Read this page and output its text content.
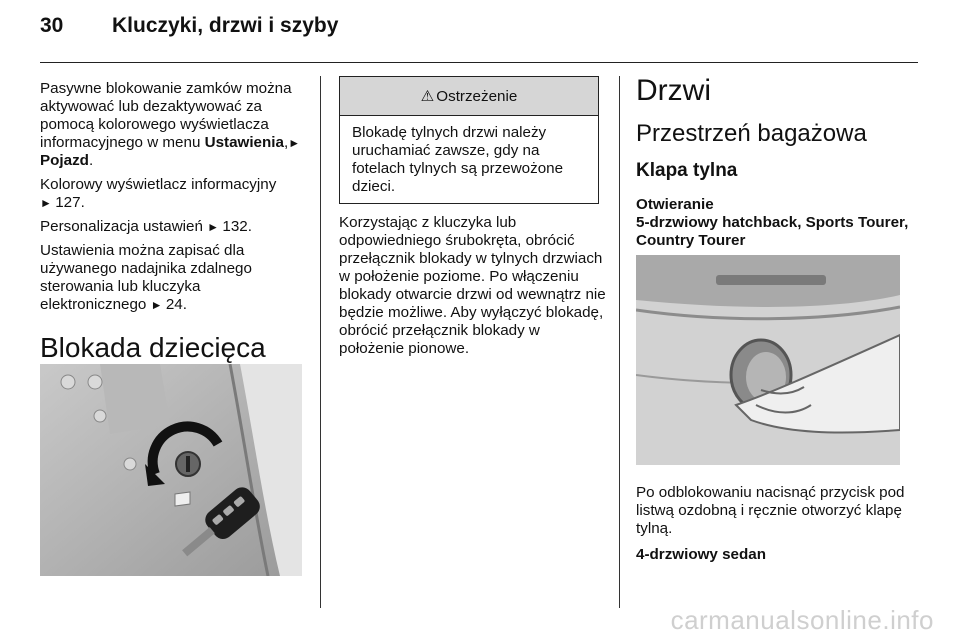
30	Kluczyki, drzwi i szyby

Pasywne blokowanie zamków można aktywować lub dezaktywować za pomocą kolorowego wyświetlacza informacyjnego w menu Ustawienia,►Pojazd.

Kolorowy wyświetlacz informacyjny
► 127.

Personalizacja ustawień ► 132.

Ustawienia można zapisać dla używanego nadajnika zdalnego sterowania lub kluczyka elektronicznego ► 24.

Blokada dziecięca
⚠ Ostrzeżenie
Blokadę tylnych drzwi należy uruchamiać zawsze, gdy na fotelach tylnych są przewożone dzieci.

Korzystając z kluczyka lub odpowiedniego śrubokręta, obrócić przełącznik blokady w tylnych drzwiach w położenie poziome. Po włączeniu blokady otwarcie drzwi od wewnątrz nie będzie możliwe. Aby wyłączyć blokadę, obrócić przełącznik blokady w położenie pionowe.

Drzwi
Przestrzeń bagażowa
Klapa tylna
Otwieranie
5-drzwiowy hatchback, Sports Tourer, Country Tourer

Po odblokowaniu nacisnąć przycisk pod listwą ozdobną i ręcznie otworzyć klapę tylną.

4-drzwiowy sedan
carmanualsonline.info
